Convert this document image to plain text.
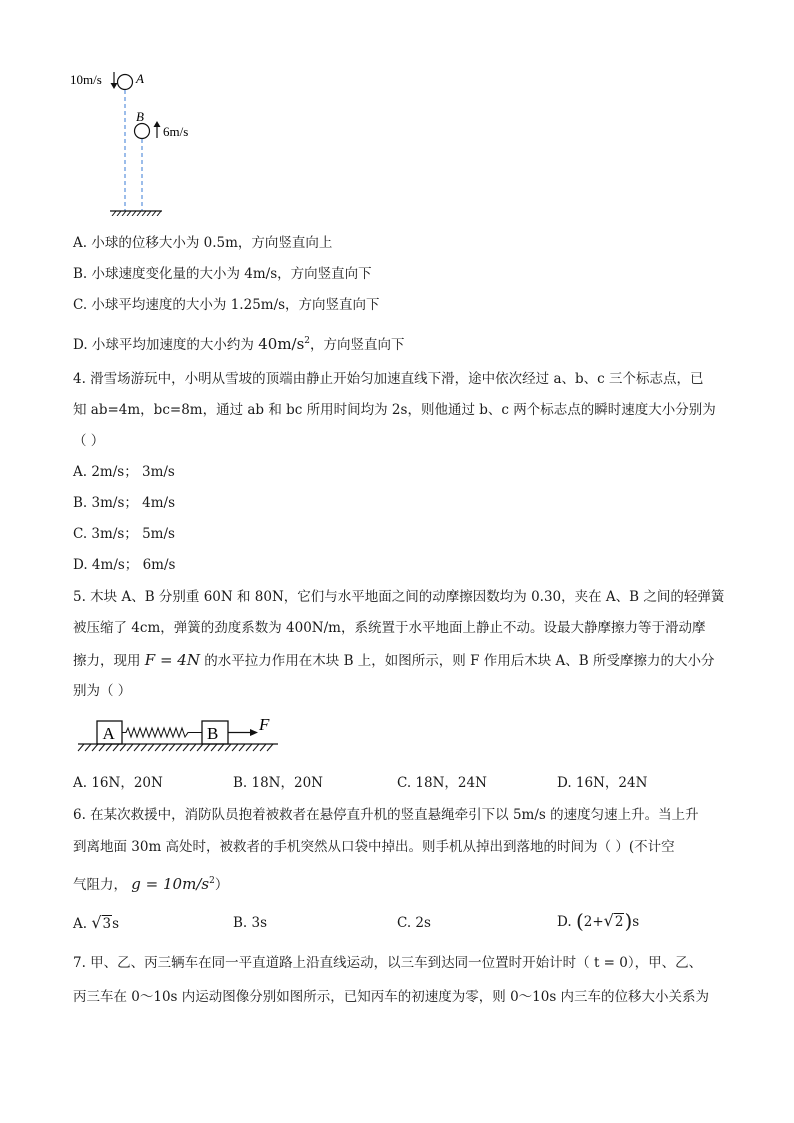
10m/s	A
B
6m/s
A. 小球的位移大小为 0.5m，方向竖直向上
B. 小球速度变化量的大小为 4m/s，方向竖直向下
C. 小球平均速度的大小为 1.25m/s，方向竖直向下
D. 小球平均加速度的大小约为 $40m/s^2$，方向竖直向下
4. 滑雪场游玩中，小明从雪坡的顶端由静止开始匀加速直线下滑，途中依次经过 a、b、c 三个标志点，已
知 ab=4m，bc=8m，通过 ab 和 bc 所用时间均为 2s，则他通过 b、c 两个标志点的瞬时速度大小分别为
（ ）
A. 2m/s； 3m/s
B. 3m/s； 4m/s
C. 3m/s； 5m/s
D. 4m/s； 6m/s
5. 木块 A、B 分别重 60N 和 80N，它们与水平地面之间的动摩擦因数均为 0.30，夹在 A、B 之间的轻弹簧
被压缩了 4cm，弹簧的劲度系数为 400N/m，系统置于水平地面上静止不动。设最大静摩擦力等于滑动摩
擦力，现用 F = 4N 的水平拉力作用在木块 B 上，如图所示，则 F 作用后木块 A、B 所受摩擦力的大小分
别为（ ）
A	B F
A. 16N，20N	B. 18N，20N	C. 18N，24N	D. 16N，24N
6. 在某次救援中，消防队员抱着被救者在悬停直升机的竖直悬绳牵引下以 5m/s 的速度匀速上升。当上升
到离地面 30m 高处时，被救者的手机突然从口袋中掉出。则手机从掉出到落地的时间为（ ）(不计空
气阻力， $g = 10m/s^2$）
A. √3s	B. 3s	C. 2s	D. (2+√2)s
7. 甲、乙、丙三辆车在同一平直道路上沿直线运动，以三车到达同一位置时开始计时（ t = 0），甲、乙、
丙三车在 0～10s 内运动图像分别如图所示，已知丙车的初速度为零，则 0～10s 内三车的位移大小关系为
